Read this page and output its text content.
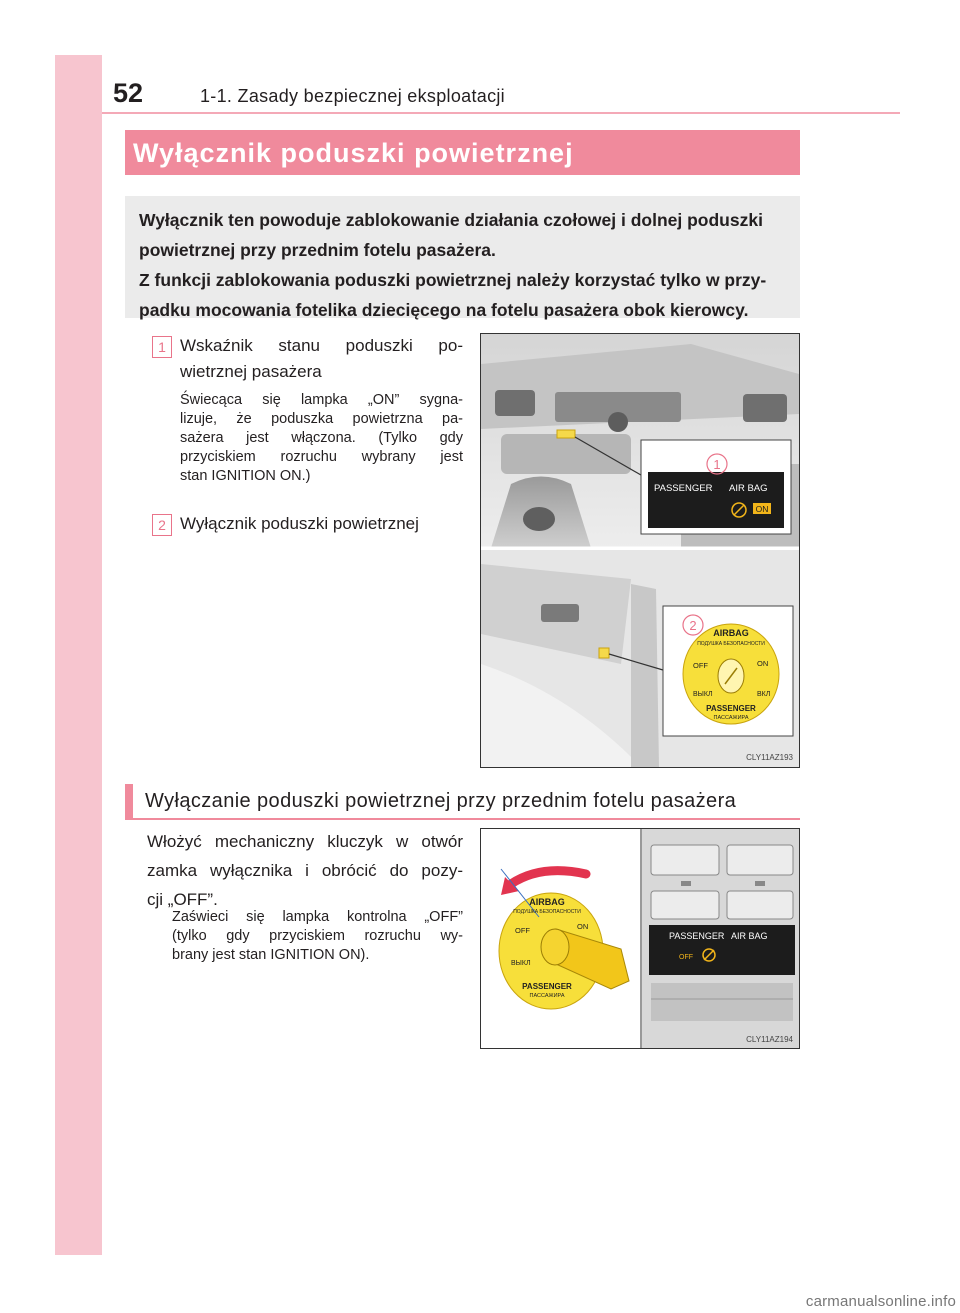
52	1-1. Zasady bezpiecznej eksploatacji
Wyłącznik poduszki powietrznej
Wyłącznik ten powoduje zablokowanie działania czołowej i dolnej poduszki
powietrznej przy przednim fotelu pasażera.
Z funkcji zablokowania poduszki powietrznej należy korzystać tylko w przy-
padku mocowania fotelika dziecięcego na fotelu pasażera obok kierowcy.
1 Wskaźnik stanu poduszki po-
wietrznej pasażera
Świecąca się lampka „ON” sygna-
lizuje, że poduszka powietrzna pa-
sażera jest włączona. (Tylko gdy
przyciskiem rozruchu wybrany jest
stan IGNITION ON.)
2 Wyłącznik poduszki powietrznej
1
PASSENGER AIR BAG
ON
2 AIRBAG
ПОДУШКА БЕЗОПАСНОСТИ
OFF	ON
ВЫКЛ	ВКЛ
PASSENGER
ПАССАЖИРА
CLY11AZ193
Wyłączanie poduszki powietrznej przy przednim fotelu pasażera
Włożyć mechaniczny kluczyk w otwór
zamka wyłącznika i obrócić do pozy-
cji „OFF”.
Zaświeci się lampka kontrolna „OFF”
(tylko gdy przyciskiem rozruchu wy-
brany jest stan IGNITION ON).
AIRBAG
ПОДУШКА БЕЗОПАСНОСТИ
OFF	ON
ВЫКЛ
PASSENGER
ПАССАЖИРА
PASSENGER AIR BAG
OFF
CLY11AZ194
carmanualsonline.info
